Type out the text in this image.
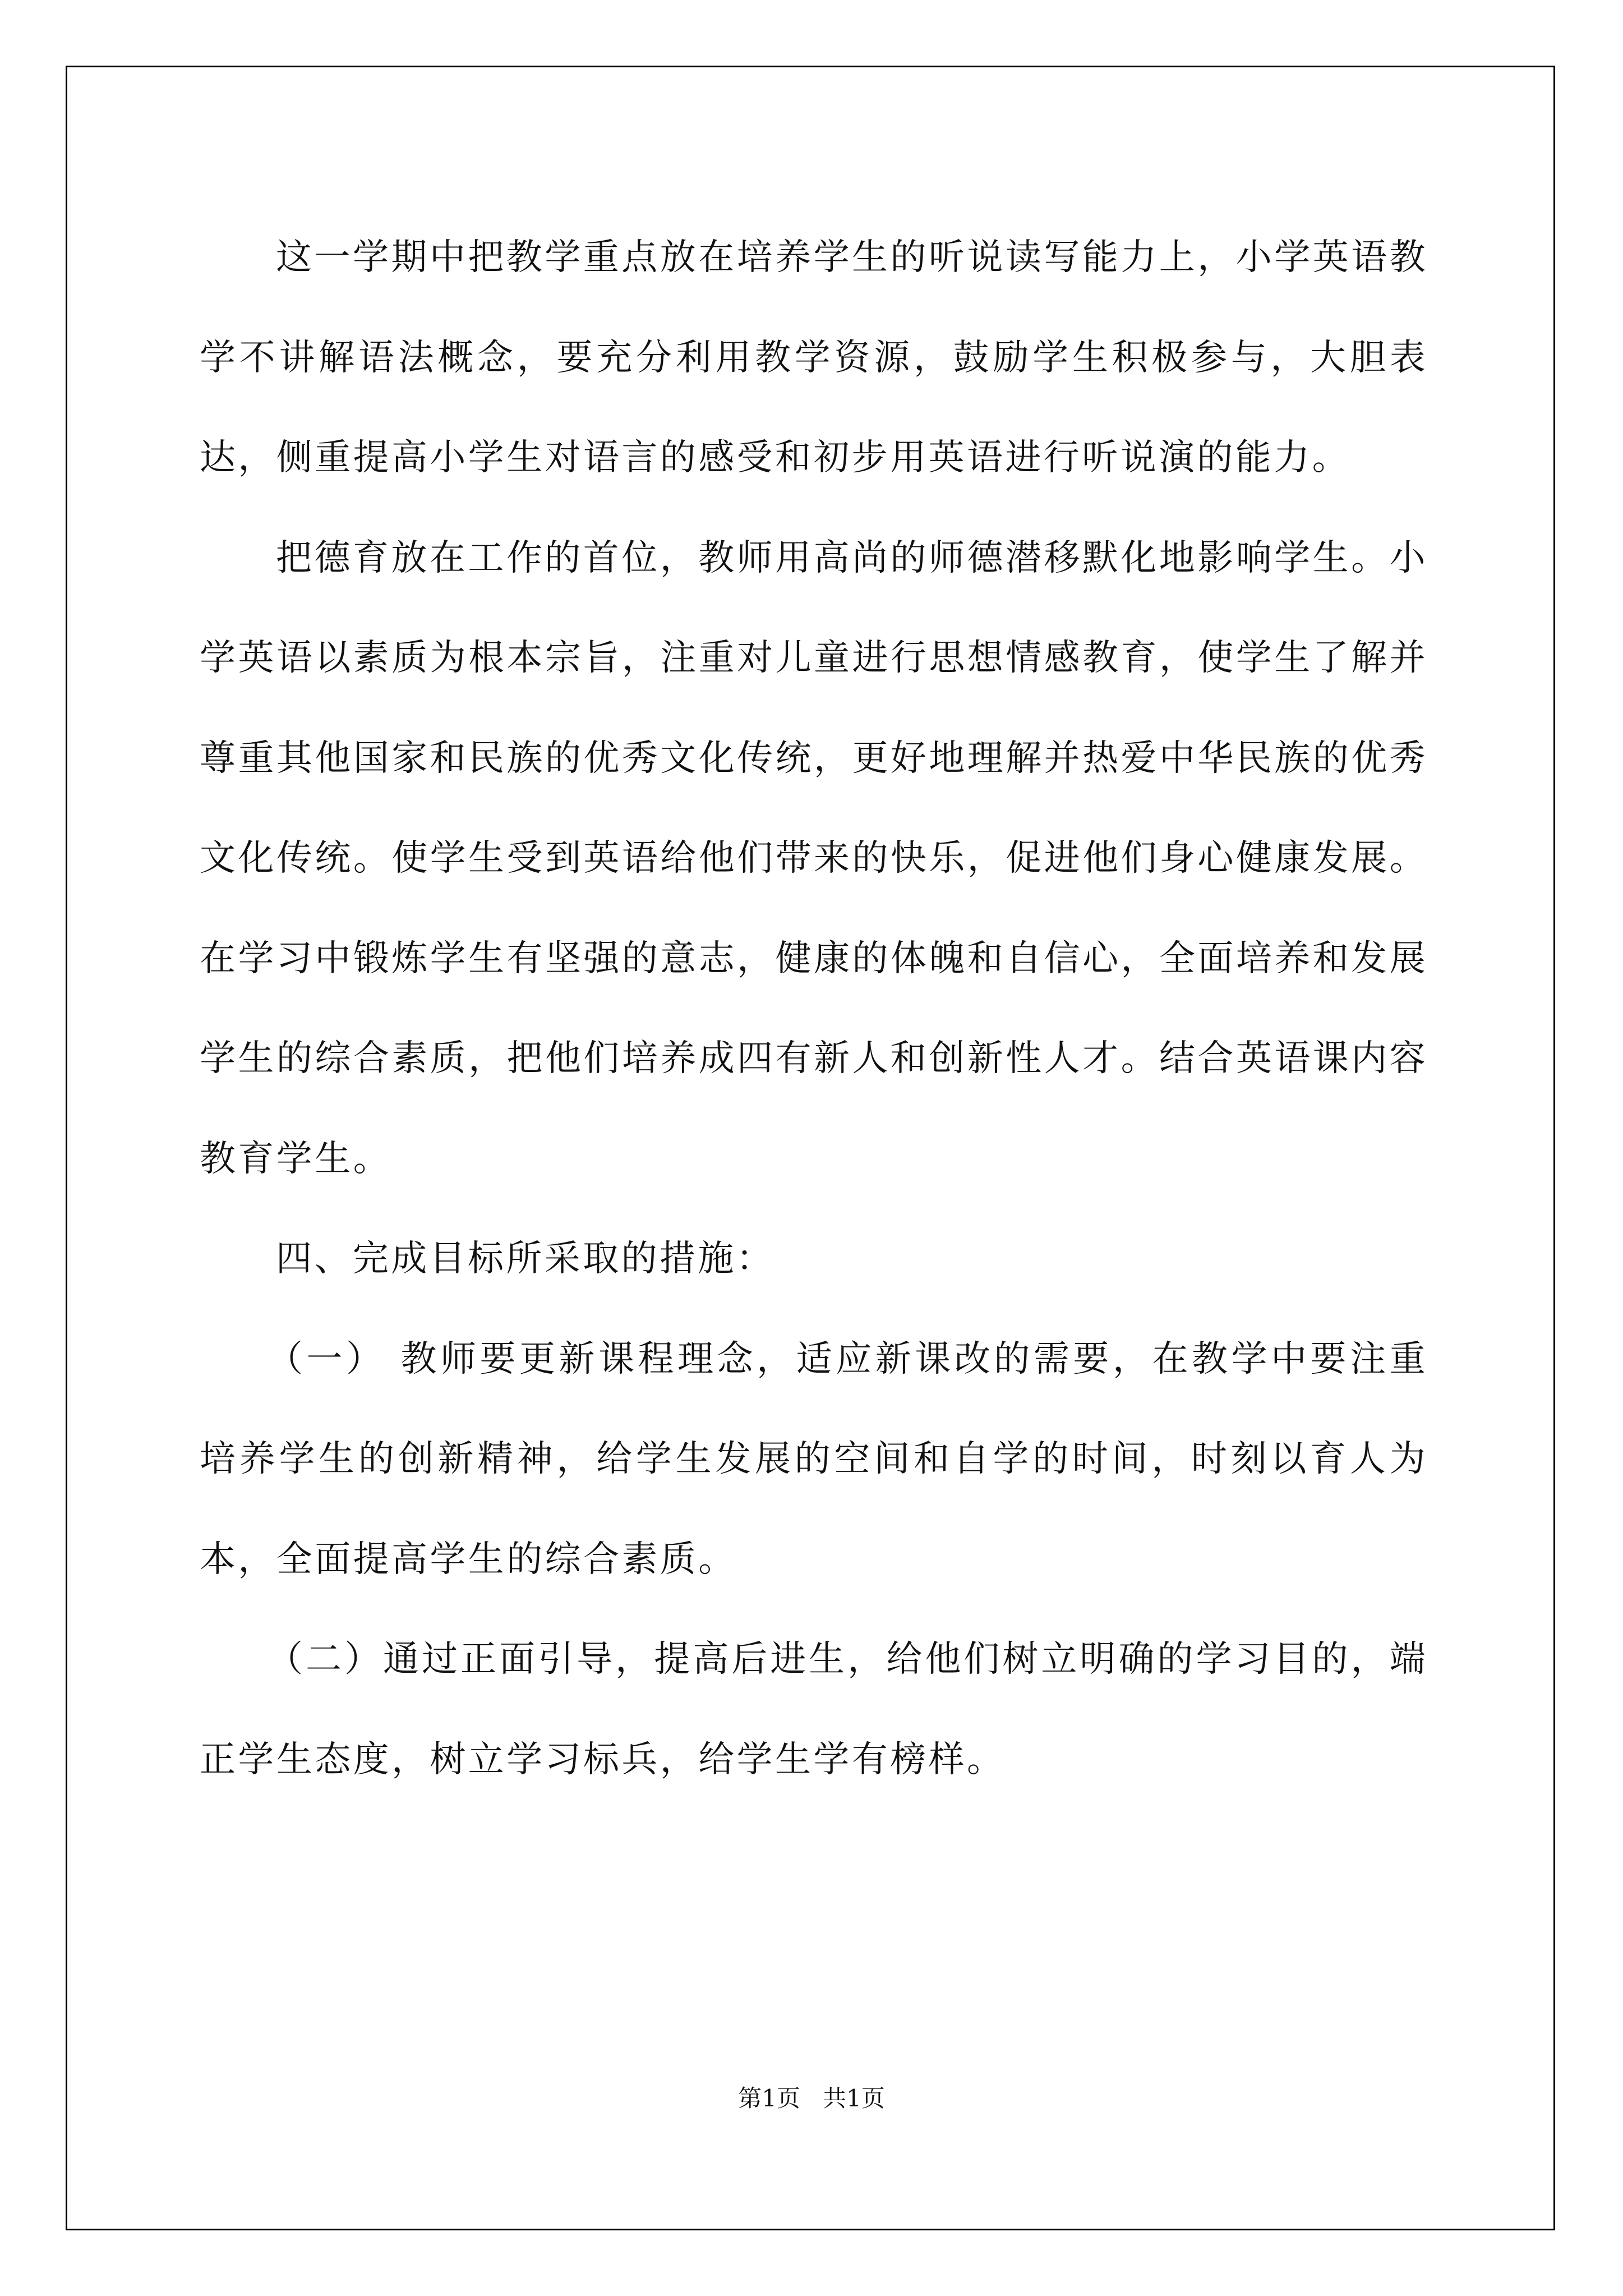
这一学期中把教学重点放在培养学生的听说读写能力上，小学英语教学不讲解语法概念，要充分利用教学资源，鼓励学生积极参与，大胆表达，侧重提高小学生对语言的感受和初步用英语进行听说演的能力。

把德育放在工作的首位，教师用高尚的师德潜移默化地影响学生。小学英语以素质为根本宗旨，注重对儿童进行思想情感教育，使学生了解并尊重其他国家和民族的优秀文化传统，更好地理解并热爱中华民族的优秀文化传统。使学生受到英语给他们带来的快乐，促进他们身心健康发展。在学习中锻炼学生有坚强的意志，健康的体魄和自信心，全面培养和发展学生的综合素质，把他们培养成四有新人和创新性人才。结合英语课内容教育学生。

四、完成目标所采取的措施：

（一） 教师要更新课程理念，适应新课改的需要，在教学中要注重培养学生的创新精神，给学生发展的空间和自学的时间，时刻以育人为本，全面提高学生的综合素质。

（二）通过正面引导，提高后进生，给他们树立明确的学习目的，端正学生态度，树立学习标兵，给学生学有榜样。

第1页 共1页
